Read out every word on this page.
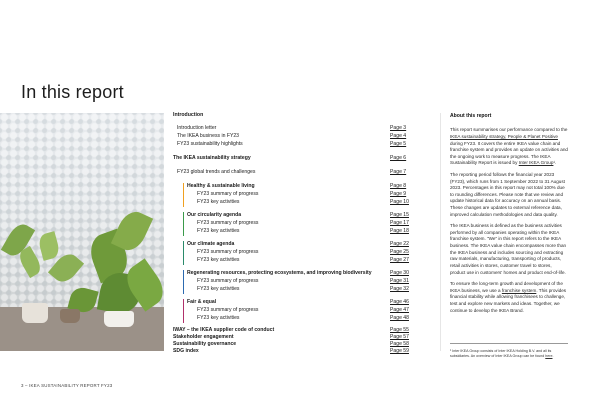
In this report
Introduction
Introduction letter	Page 3
The IKEA business in FY23	Page 4
FY23 sustainability highlights	Page 5
The IKEA sustainability strategy	Page 6
FY23 global trends and challenges	Page 7
Healthy & sustainable living	Page 8
FY23 summary of progress	Page 9
FY23 key activities	Page 10
Our circularity agenda	Page 15
FY23 summary of progress	Page 17
FY23 key activities	Page 18
Our climate agenda	Page 22
FY23 summary of progress	Page 25
FY23 key activities	Page 27
Regenerating resources, protecting ecosystems, and improving biodiversity	Page 30
FY23 summary of progress	Page 31
FY23 key activities	Page 32
Fair & equal	Page 46
FY23 summary of progress	Page 47
FY23 key activities	Page 48
IWAY – the IKEA supplier code of conduct	Page 55
Stakeholder engagement	Page 57
Sustainability governance	Page 58
SDG index	Page 59
About this report

This report summarises our performance compared to the IKEA sustainability strategy, People & Planet Positive during FY23. It covers the entire IKEA value chain and franchise system and provides an update on activities and the ongoing work to measure progress. The IKEA Sustainability Report is issued by Inter IKEA Group¹.

The reporting period follows the financial year 2023 (FY23), which runs from 1 September 2022 to 31 August 2023. Percentages in this report may not total 100% due to rounding differences. Please note that we review and update historical data for accuracy on an annual basis. These changes are updates to external reference data, improved calculation methodologies and data quality.

The IKEA business is defined as the business activities performed by all companies operating within the IKEA franchise system. "We" in this report refers to the IKEA business. The IKEA value chain encompasses more than the IKEA business and includes sourcing and extracting raw materials, manufacturing, transporting of products, retail activities in stores, customer travel to stores, product use in customers' homes and product end-of-life.

To ensure the long-term growth and development of the IKEA business, we use a franchise system. This provides financial stability while allowing franchisees to challenge, test and explore new markets and ideas. Together, we continue to develop the IKEA Brand.

¹ Inter IKEA Group consists of Inter IKEA Holding B.V. and all its subsidiaries. An overview of Inter IKEA Group can be found here.
3 – IKEA SUSTAINABILITY REPORT FY23
